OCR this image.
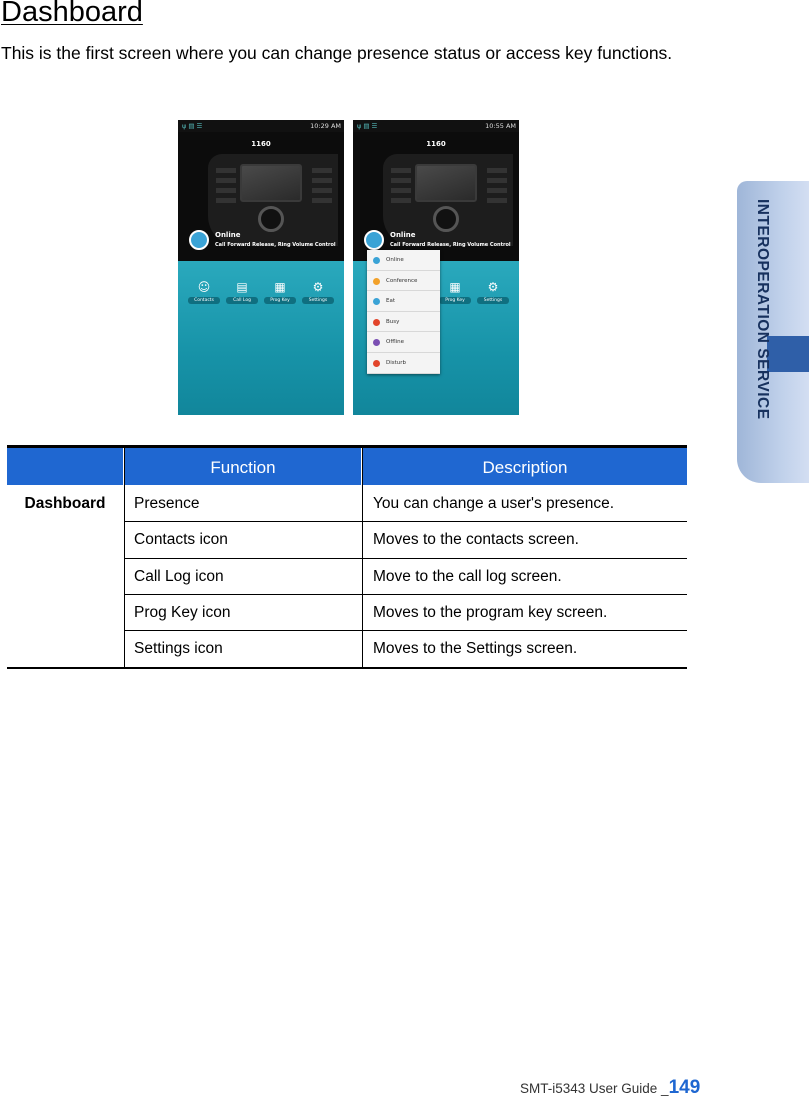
Dashboard
This is the first screen where you can change presence status or access key functions.
INTEROPERATION SERVICE
ψ ▤ ☰	10:29 AM
1160
Online
Call Forward Release, Ring Volume Control
☺
Contacts
▤
Call Log
▦
Prog Key
⚙
Settings
ψ ▤ ☰	10:55 AM
1160
▦
Prog Key
⚙
Settings
Online
Call Forward Release, Ring Volume Control
Online
Conference
Eat
Busy
Offline
Disturb
Function	Description
Dashboard	Presence	You can change a user's presence.
Contacts icon	Moves to the contacts screen.
Call Log icon	Move to the call log screen.
Prog Key icon	Moves to the program key screen.
Settings icon	Moves to the Settings screen.
SMT-i5343 User Guide _149
